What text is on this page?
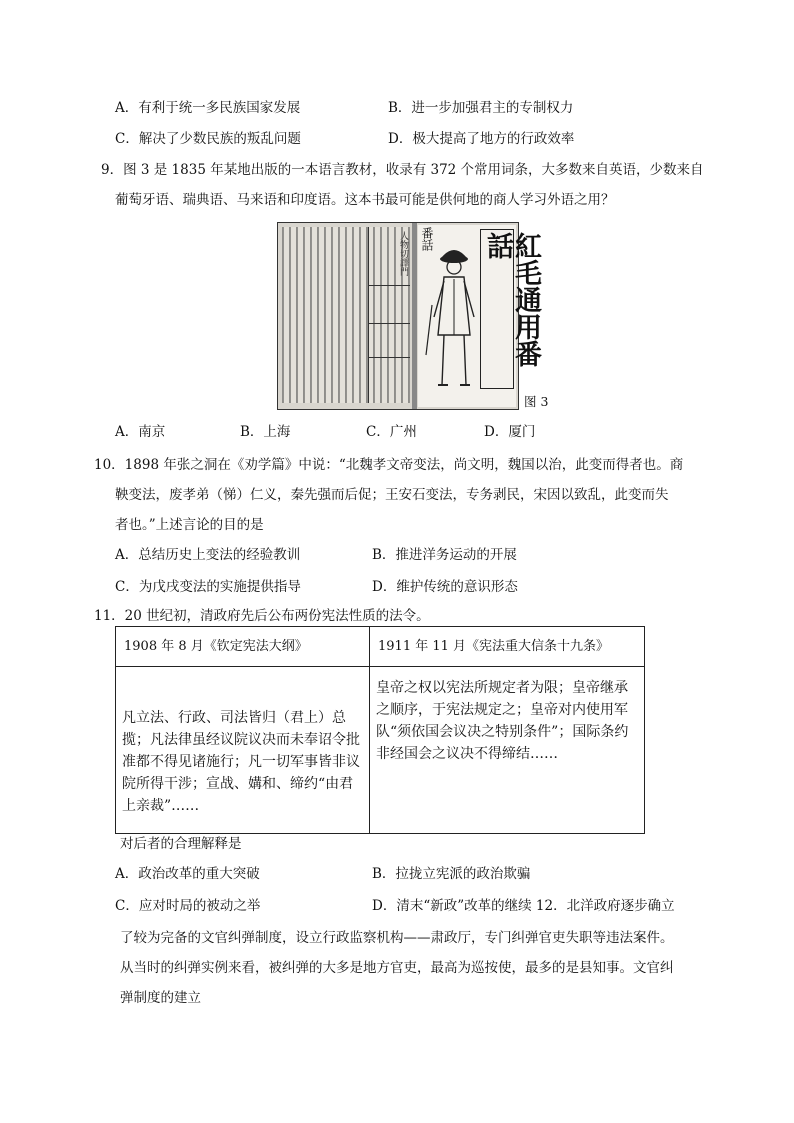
A．有利于统一多民族国家发展	B．进一步加强君主的专制权力
C．解决了少数民族的叛乱问题	D．极大提高了地方的行政效率
9．图 3 是 1835 年某地出版的一本语言教材，收录有 372 个常用词条，大多数来自英语，少数来自
葡萄牙语、瑞典语、马来语和印度语。这本书最可能是供何地的商人学习外语之用？
人物切譯門 番話	紅毛通用番話
图 3
A．南京	B．上海	C．广州	D．厦门
10．1898 年张之洞在《劝学篇》中说：“北魏孝文帝变法，尚文明，魏国以治，此变而得者也。商
鞅变法，废孝弟（悌）仁义，秦先强而后促；王安石变法，专务剥民，宋因以致乱，此变而失
者也。”上述言论的目的是
A．总结历史上变法的经验教训	B．推进洋务运动的开展
C．为戊戌变法的实施提供指导	D．维护传统的意识形态
11．20 世纪初，清政府先后公布两份宪法性质的法令。
1908 年 8 月《钦定宪法大纲》	1911 年 11 月《宪法重大信条十九条》
凡立法、行政、司法皆归（君上）总揽；凡法律虽经议院议决而未奉诏令批准都不得见诸施行；凡一切军事皆非议院所得干涉；宣战、媾和、缔约“由君上亲裁”……
皇帝之权以宪法所规定者为限；皇帝继承之顺序，于宪法规定之；皇帝对内使用军队“须依国会议决之特别条件”；国际条约非经国会之议决不得缔结……
对后者的合理解释是
A．政治改革的重大突破	B．拉拢立宪派的政治欺骗
C．应对时局的被动之举	D．清末“新政”改革的继续 12．北洋政府逐步确立
了较为完备的文官纠弹制度，设立行政监察机构——肃政厅，专门纠弹官吏失职等违法案件。
从当时的纠弹实例来看，被纠弹的大多是地方官吏，最高为巡按使，最多的是县知事。文官纠
弹制度的建立
